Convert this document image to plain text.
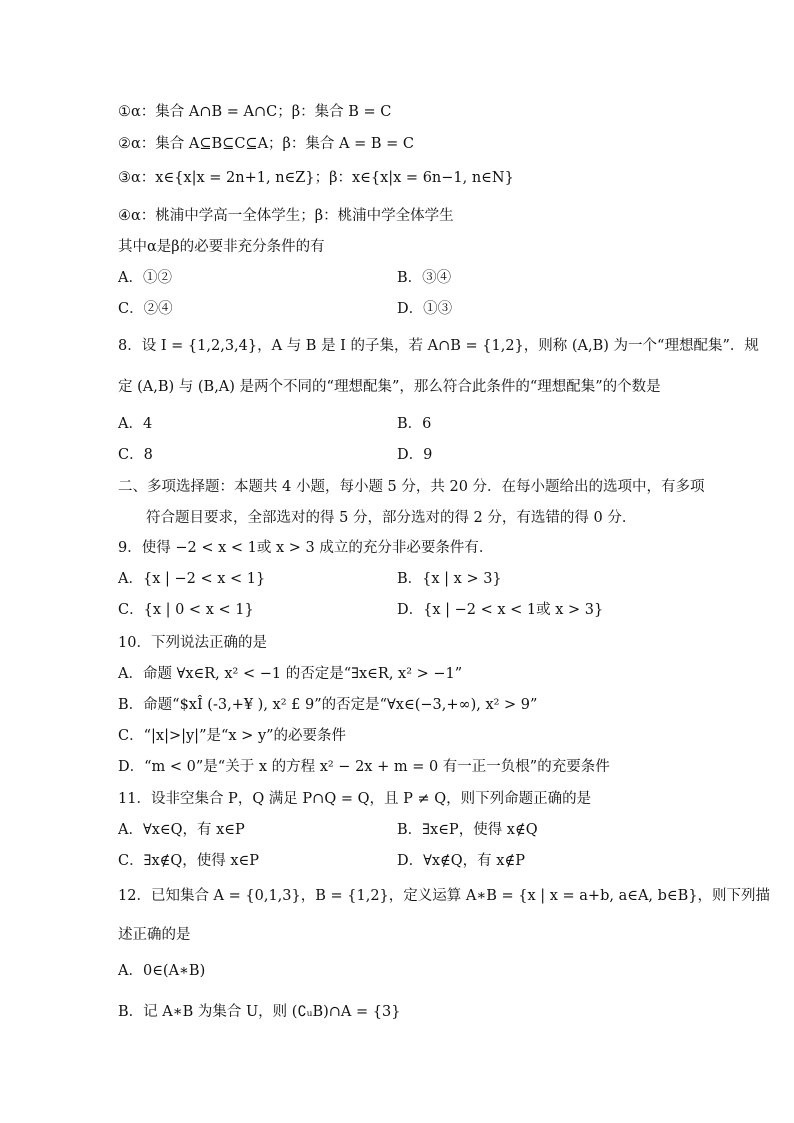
①α：集合 A∩B = A∩C；β：集合 B = C
②α：集合 A⊆B⊆C⊆A；β：集合 A = B = C
③α：x∈{x|x = 2n+1, n∈Z}；β：x∈{x|x = 6n−1, n∈N}
④α：桃浦中学高一全体学生；β：桃浦中学全体学生
其中α是β的必要非充分条件的有
A．①②	B．③④
C．②④	D．①③
8．设 I = {1,2,3,4}，A 与 B 是 I 的子集，若 A∩B = {1,2}，则称 (A,B) 为一个“理想配集”．规
定 (A,B) 与 (B,A) 是两个不同的“理想配集”，那么符合此条件的“理想配集”的个数是
A．4	B．6
C．8	D．9
二、多项选择题：本题共 4 小题，每小题 5 分，共 20 分．在每小题给出的选项中，有多项
符合题目要求，全部选对的得 5 分，部分选对的得 2 分，有选错的得 0 分．
9．使得 −2 < x < 1或 x > 3 成立的充分非必要条件有．
A．{x | −2 < x < 1}	B．{x | x > 3}
C．{x | 0 < x < 1}	D．{x | −2 < x < 1或 x > 3}
10．下列说法正确的是
A．命题 ∀x∈R, x² < −1 的否定是“∃x∈R, x² > −1”
B．命题“$xÎ (-3,+¥ ), x² £ 9”的否定是“∀x∈(−3,+∞), x² > 9”
C．“|x|>|y|”是“x > y”的必要条件
D．“m < 0”是“关于 x 的方程 x² − 2x + m = 0 有一正一负根”的充要条件
11．设非空集合 P，Q 满足 P∩Q = Q，且 P ≠ Q，则下列命题正确的是
A．∀x∈Q，有 x∈P	B．∃x∈P，使得 x∉Q
C．∃x∉Q，使得 x∈P	D．∀x∉Q，有 x∉P
12．已知集合 A = {0,1,3}，B = {1,2}，定义运算 A∗B = {x | x = a+b, a∈A, b∈B}，则下列描
述正确的是
A．0∈(A∗B)
B．记 A∗B 为集合 U，则 (∁ᵤB)∩A = {3}
